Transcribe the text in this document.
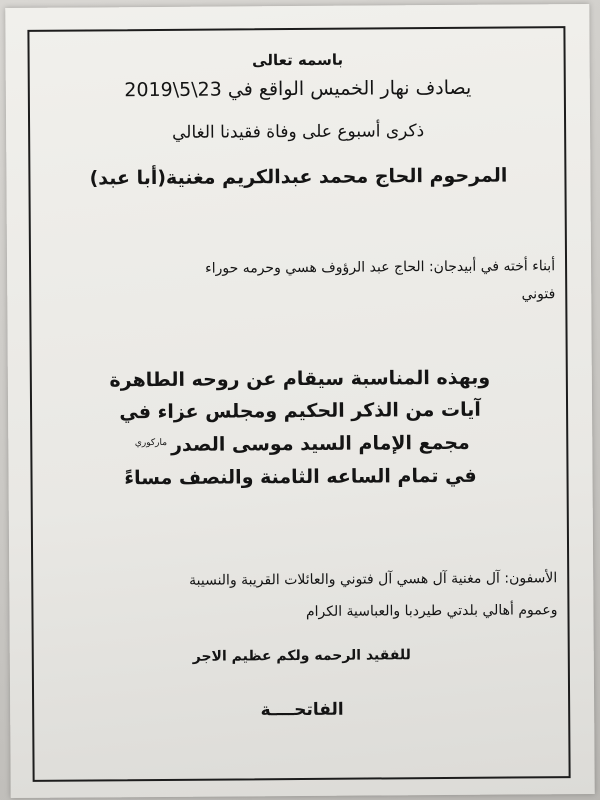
باسمه تعالى
يصادف نهار الخميس الواقع في 23\5\2019
ذكرى أسبوع على وفاة فقيدنا الغالي
المرحوم الحاج محمد عبدالكريم مغنية(أبا عبد)
أبناء أخته في أبيدجان: الحاج عبد الرؤوف هسي وحرمه حوراء
فتوني
وبهذه المناسبة سيقام عن روحه الطاهرة
آيات من الذكر الحكيم ومجلس عزاء في
مجمع الإمام السيد موسى الصدر$^{ماركوري}$
في تمام الساعه الثامنة والنصف مساءً
الأسفون: آل مغنية آل هسي آل فتوني والعائلات القريبة والنسيبة
وعموم أهالي بلدتي طيردبا والعباسية الكرام
للفقيد الرحمه ولكم عظيم الاجر
الفاتحــــة
